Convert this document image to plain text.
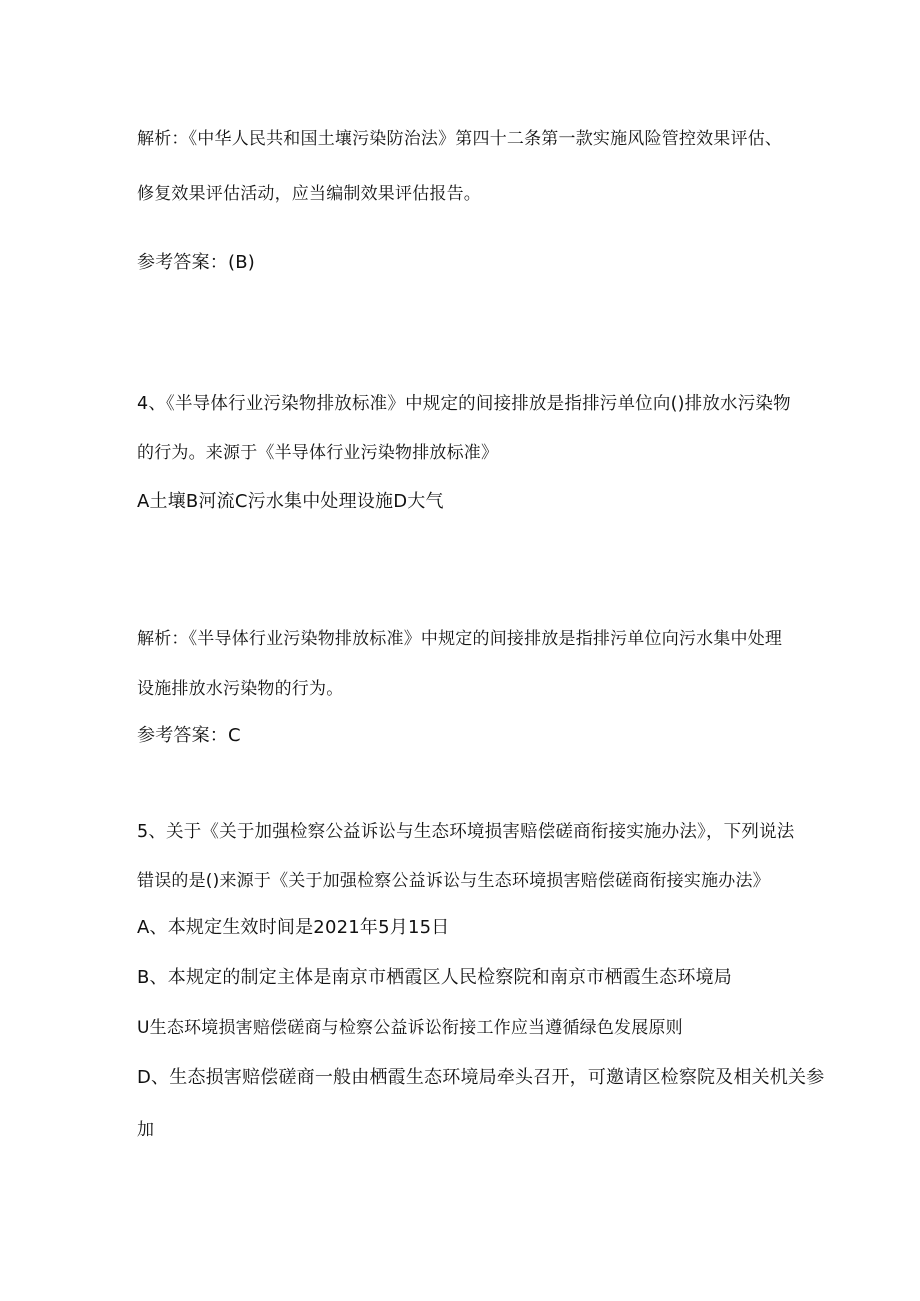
解析：《中华人民共和国土壤污染防治法》第四十二条第一款实施风险管控效果评估、
修复效果评估活动，应当编制效果评估报告。
参考答案：(B)
4、《半导体行业污染物排放标准》中规定的间接排放是指排污单位向()排放水污染物
的行为。来源于《半导体行业污染物排放标准》
A土壤B河流C污水集中处理设施D大气
解析：《半导体行业污染物排放标准》中规定的间接排放是指排污单位向污水集中处理
设施排放水污染物的行为。
参考答案：C
5、关于《关于加强检察公益诉讼与生态环境损害赔偿磋商衔接实施办法》，下列说法
错误的是()来源于《关于加强检察公益诉讼与生态环境损害赔偿磋商衔接实施办法》
A、本规定生效时间是2021年5月15日
B、本规定的制定主体是南京市栖霞区人民检察院和南京市栖霞生态环境局
U生态环境损害赔偿磋商与检察公益诉讼衔接工作应当遵循绿色发展原则
D、生态损害赔偿磋商一般由栖霞生态环境局牵头召开，可邀请区检察院及相关机关参
加
